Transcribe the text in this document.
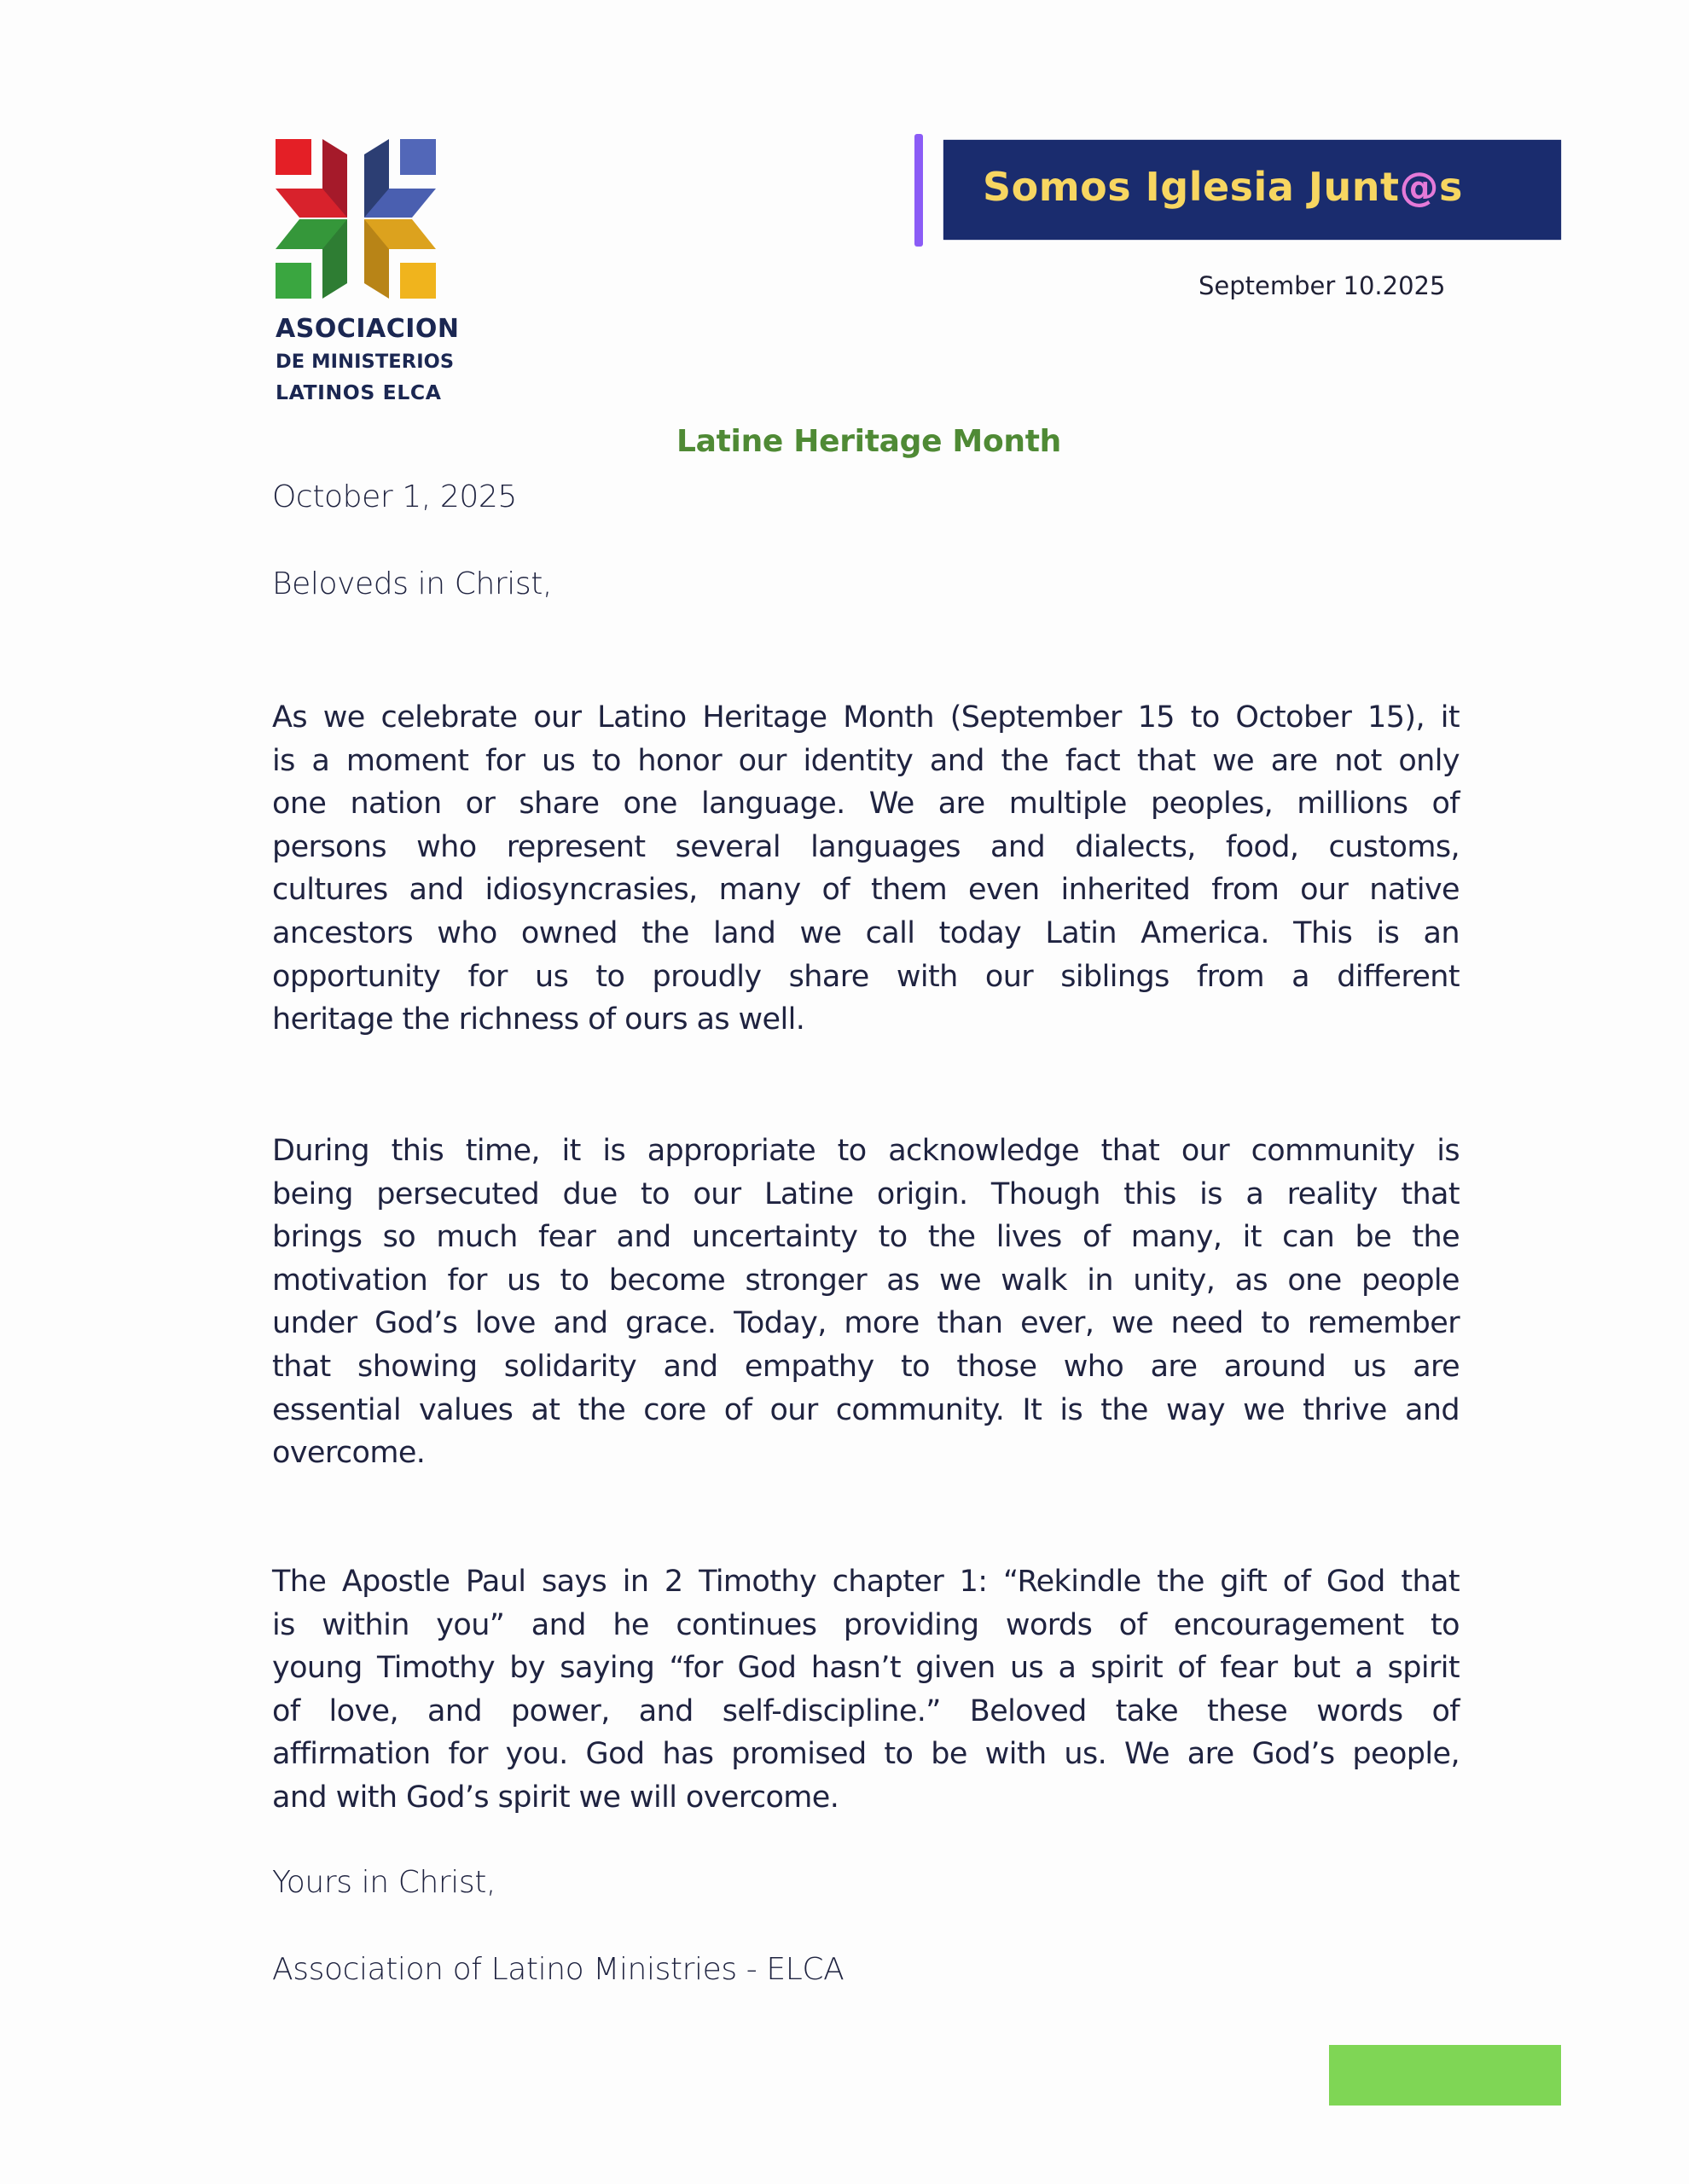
ASOCIACION
DE MINISTERIOS
LATINOS ELCA
Somos Iglesia Junt@s
September 10.2025
Latine Heritage Month
October 1, 2025
Beloveds in Christ,
As we celebrate our Latino Heritage Month (September 15 to October 15), it
is a moment for us to honor our identity and the fact that we are not only
one nation or share one language. We are multiple peoples, millions of
persons who represent several languages and dialects, food, customs,
cultures and idiosyncrasies, many of them even inherited from our native
ancestors who owned the land we call today Latin America. This is an
opportunity for us to proudly share with our siblings from a different
heritage the richness of ours as well.
During this time, it is appropriate to acknowledge that our community is
being persecuted due to our Latine origin. Though this is a reality that
brings so much fear and uncertainty to the lives of many, it can be the
motivation for us to become stronger as we walk in unity, as one people
under God’s love and grace. Today, more than ever, we need to remember
that showing solidarity and empathy to those who are around us are
essential values at the core of our community. It is the way we thrive and
overcome.
The Apostle Paul says in 2 Timothy chapter 1: “Rekindle the gift of God that
is within you” and he continues providing words of encouragement to
young Timothy by saying “for God hasn’t given us a spirit of fear but a spirit
of love, and power, and self-discipline.” Beloved take these words of
affirmation for you. God has promised to be with us. We are God’s people,
and with God’s spirit we will overcome.
Yours in Christ,
Association of Latino Ministries - ELCA
